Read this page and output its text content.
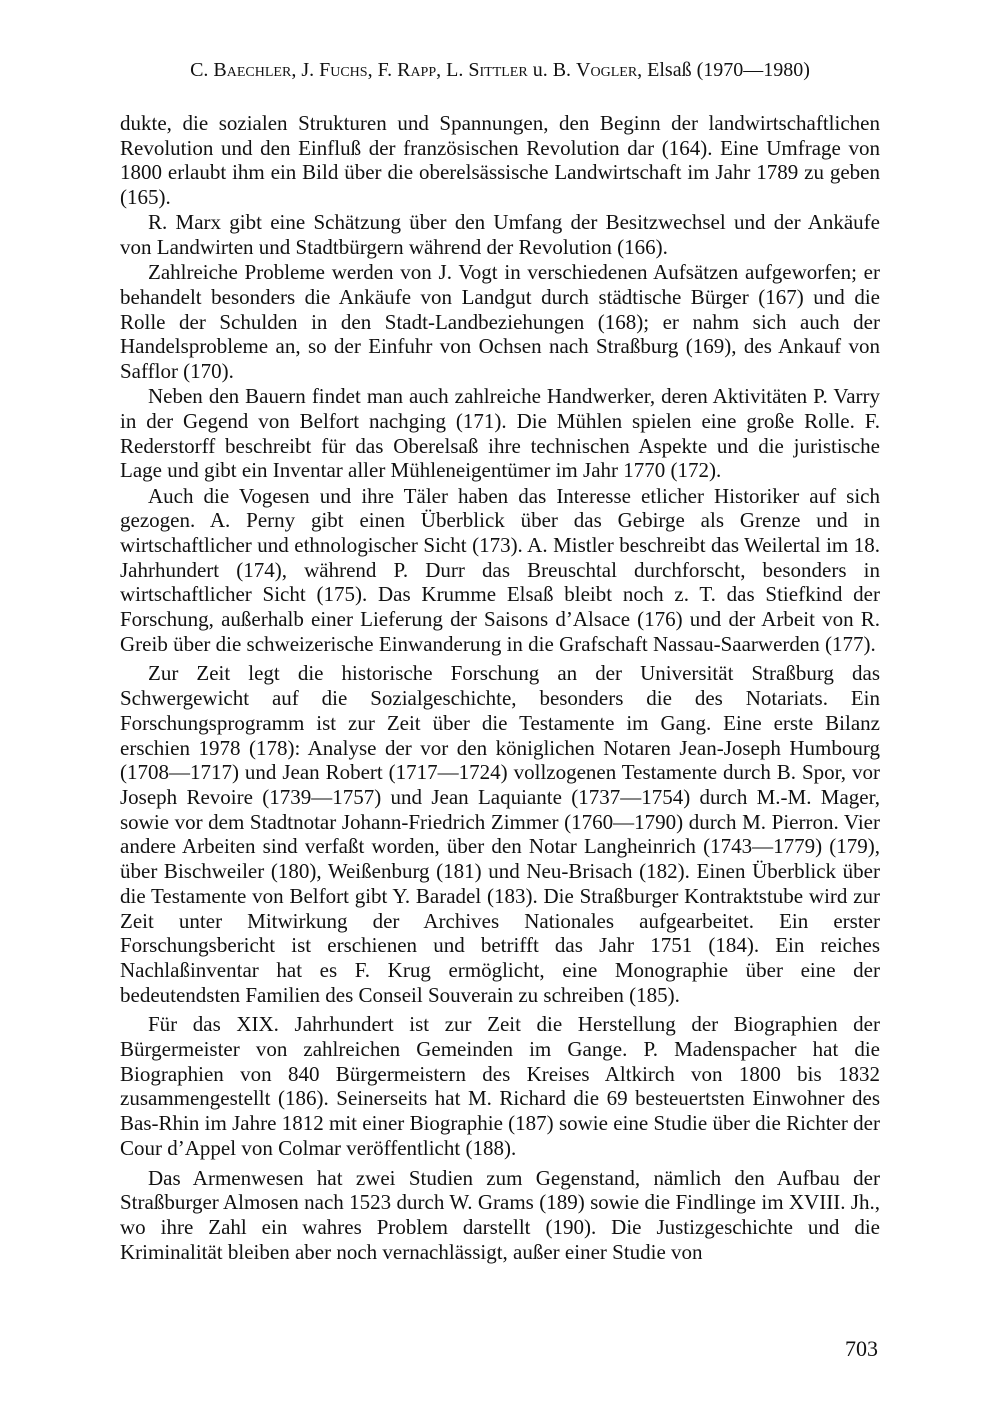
C. Baechler, J. Fuchs, F. Rapp, L. Sittler u. B. Vogler, Elsaß (1970—1980)

dukte, die sozialen Strukturen und Spannungen, den Beginn der landwirtschaftlichen Revolution und den Einfluß der französischen Revolution dar (164). Eine Umfrage von 1800 erlaubt ihm ein Bild über die oberelsässische Landwirtschaft im Jahr 1789 zu geben (165).

R. Marx gibt eine Schätzung über den Umfang der Besitzwechsel und der Ankäufe von Landwirten und Stadtbürgern während der Revolution (166).

Zahlreiche Probleme werden von J. Vogt in verschiedenen Aufsätzen aufgeworfen; er behandelt besonders die Ankäufe von Landgut durch städtische Bürger (167) und die Rolle der Schulden in den Stadt-Landbeziehungen (168); er nahm sich auch der Handelsprobleme an, so der Einfuhr von Ochsen nach Straßburg (169), des Ankauf von Safflor (170).

Neben den Bauern findet man auch zahlreiche Handwerker, deren Aktivitäten P. Varry in der Gegend von Belfort nachging (171). Die Mühlen spielen eine große Rolle. F. Rederstorff beschreibt für das Oberelsaß ihre technischen Aspekte und die juristische Lage und gibt ein Inventar aller Mühleneigentümer im Jahr 1770 (172).

Auch die Vogesen und ihre Täler haben das Interesse etlicher Historiker auf sich gezogen. A. Perny gibt einen Überblick über das Gebirge als Grenze und in wirtschaftlicher und ethnologischer Sicht (173). A. Mistler beschreibt das Weilertal im 18. Jahrhundert (174), während P. Durr das Breuschtal durchforscht, besonders in wirtschaftlicher Sicht (175). Das Krumme Elsaß bleibt noch z. T. das Stiefkind der Forschung, außerhalb einer Lieferung der Saisons d’Alsace (176) und der Arbeit von R. Greib über die schweizerische Einwanderung in die Grafschaft Nassau-Saarwerden (177).

Zur Zeit legt die historische Forschung an der Universität Straßburg das Schwergewicht auf die Sozialgeschichte, besonders die des Notariats. Ein Forschungsprogramm ist zur Zeit über die Testamente im Gang. Eine erste Bilanz erschien 1978 (178): Analyse der vor den königlichen Notaren Jean-Joseph Humbourg (1708—1717) und Jean Robert (1717—1724) vollzogenen Testamente durch B. Spor, vor Joseph Revoire (1739—1757) und Jean Laquiante (1737—1754) durch M.-M. Mager, sowie vor dem Stadtnotar Johann-Friedrich Zimmer (1760—1790) durch M. Pierron. Vier andere Arbeiten sind verfaßt worden, über den Notar Langheinrich (1743—1779) (179), über Bischweiler (180), Weißenburg (181) und Neu-Brisach (182). Einen Überblick über die Testamente von Belfort gibt Y. Baradel (183). Die Straßburger Kontraktstube wird zur Zeit unter Mitwirkung der Archives Nationales aufgearbeitet. Ein erster Forschungsbericht ist erschienen und betrifft das Jahr 1751 (184). Ein reiches Nachlaßinventar hat es F. Krug ermöglicht, eine Monographie über eine der bedeutendsten Familien des Conseil Souverain zu schreiben (185).

Für das XIX. Jahrhundert ist zur Zeit die Herstellung der Biographien der Bürgermeister von zahlreichen Gemeinden im Gange. P. Madenspacher hat die Biographien von 840 Bürgermeistern des Kreises Altkirch von 1800 bis 1832 zusammengestellt (186). Seinerseits hat M. Richard die 69 besteuertsten Einwohner des Bas-Rhin im Jahre 1812 mit einer Biographie (187) sowie eine Studie über die Richter der Cour d’Appel von Colmar veröffentlicht (188).

Das Armenwesen hat zwei Studien zum Gegenstand, nämlich den Aufbau der Straßburger Almosen nach 1523 durch W. Grams (189) sowie die Findlinge im XVIII. Jh., wo ihre Zahl ein wahres Problem darstellt (190). Die Justizgeschichte und die Kriminalität bleiben aber noch vernachlässigt, außer einer Studie von

703
